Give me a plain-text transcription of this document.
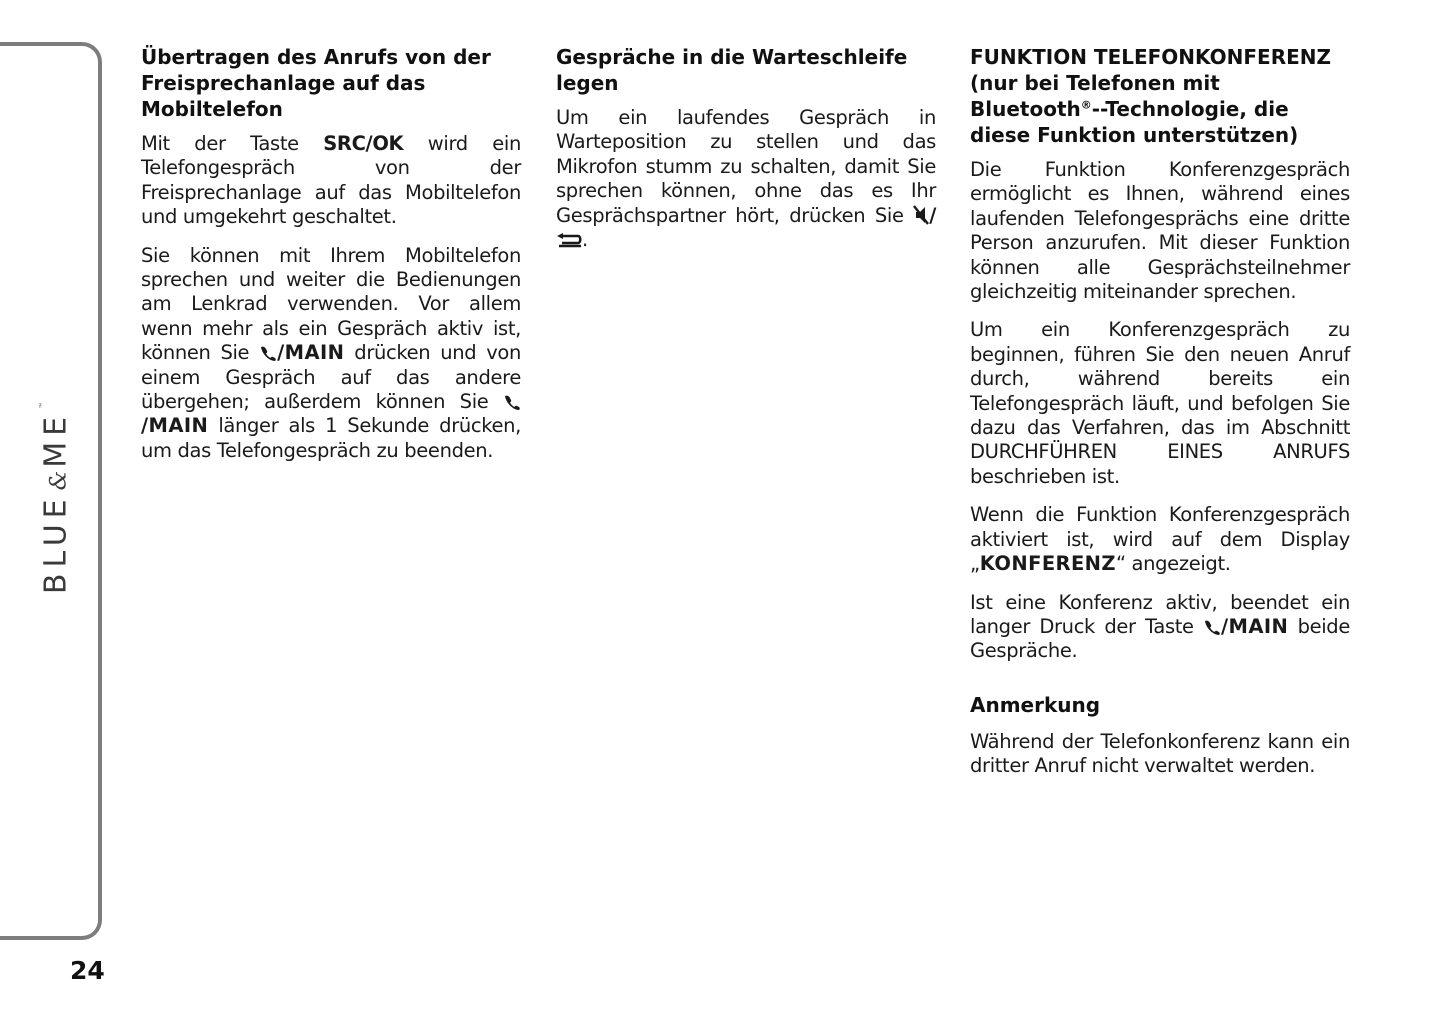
BLUE&ME™
24
Übertragen des Anrufs von der Freisprechanlage auf das Mobiltelefon

Mit der Taste SRC/OK wird ein Telefongespräch von der Freisprechanlage auf das Mobiltelefon und umgekehrt geschaltet.

Sie können mit Ihrem Mobiltelefon sprechen und weiter die Bedienungen am Lenkrad verwenden. Vor allem wenn mehr als ein Gespräch aktiv ist, können Sie /MAIN drücken und von einem Gespräch auf das andere übergehen; außerdem können Sie /MAIN länger als 1 Sekunde drücken, um das Telefongespräch zu beenden.

Gespräche in die Warteschleife legen

Um ein laufendes Gespräch in Warteposition zu stellen und das Mikrofon stumm zu schalten, damit Sie sprechen können, ohne das es Ihr Gesprächspartner hört, drücken Sie /.

FUNKTION TELEFONKONFERENZ (nur bei Telefonen mit Bluetooth®--Technologie, die diese Funktion unterstützen)

Die Funktion Konferenzgespräch ermöglicht es Ihnen, während eines laufenden Telefongesprächs eine dritte Person anzurufen. Mit dieser Funktion können alle Gesprächsteilnehmer gleichzeitig miteinander sprechen.

Um ein Konferenzgespräch zu beginnen, führen Sie den neuen Anruf durch, während bereits ein Telefongespräch läuft, und befolgen Sie dazu das Verfahren, das im Abschnitt DURCHFÜHREN EINES ANRUFS beschrieben ist.

Wenn die Funktion Konferenzgespräch aktiviert ist, wird auf dem Display „KONFERENZ“ angezeigt.

Ist eine Konferenz aktiv, beendet ein langer Druck der Taste /MAIN beide Gespräche.

Anmerkung

Während der Telefonkonferenz kann ein dritter Anruf nicht verwaltet werden.
